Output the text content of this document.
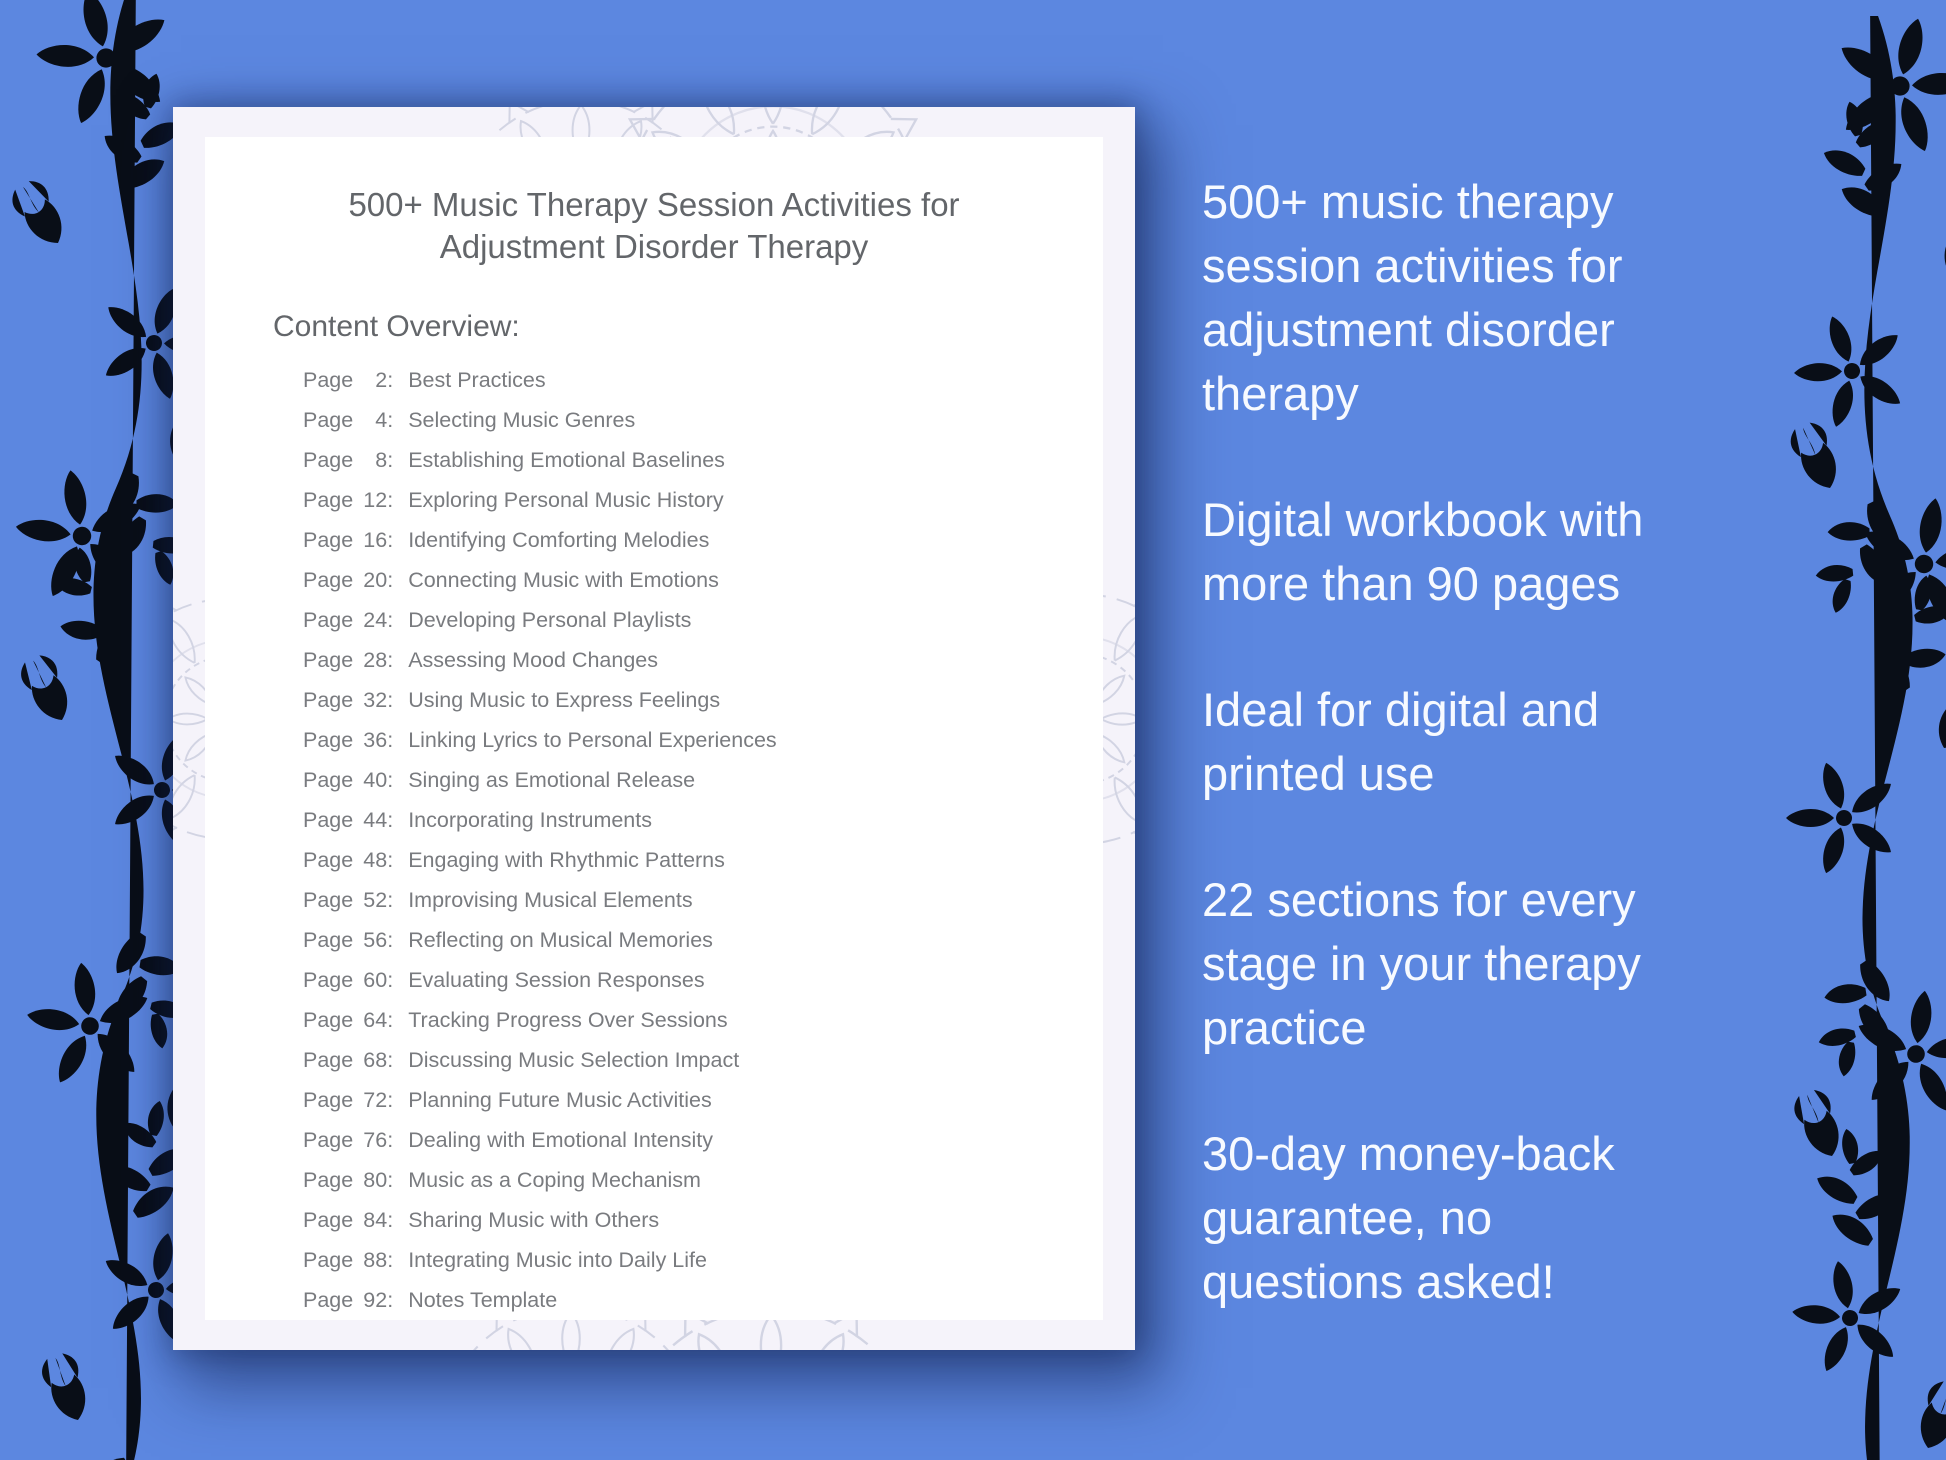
500+ Music Therapy Session Activities for
Adjustment Disorder Therapy
Content Overview:
Page 2: Best Practices
Page 4: Selecting Music Genres
Page 8: Establishing Emotional Baselines
Page 12: Exploring Personal Music History
Page 16: Identifying Comforting Melodies
Page 20: Connecting Music with Emotions
Page 24: Developing Personal Playlists
Page 28: Assessing Mood Changes
Page 32: Using Music to Express Feelings
Page 36: Linking Lyrics to Personal Experiences
Page 40: Singing as Emotional Release
Page 44: Incorporating Instruments
Page 48: Engaging with Rhythmic Patterns
Page 52: Improvising Musical Elements
Page 56: Reflecting on Musical Memories
Page 60: Evaluating Session Responses
Page 64: Tracking Progress Over Sessions
Page 68: Discussing Music Selection Impact
Page 72: Planning Future Music Activities
Page 76: Dealing with Emotional Intensity
Page 80: Music as a Coping Mechanism
Page 84: Sharing Music with Others
Page 88: Integrating Music into Daily Life
Page 92: Notes Template
500+ music therapy
session activities for
adjustment disorder
therapy
Digital workbook with
more than 90 pages
Ideal for digital and
printed use
22 sections for every
stage in your therapy
practice
30-day money-back
guarantee, no
questions asked!
